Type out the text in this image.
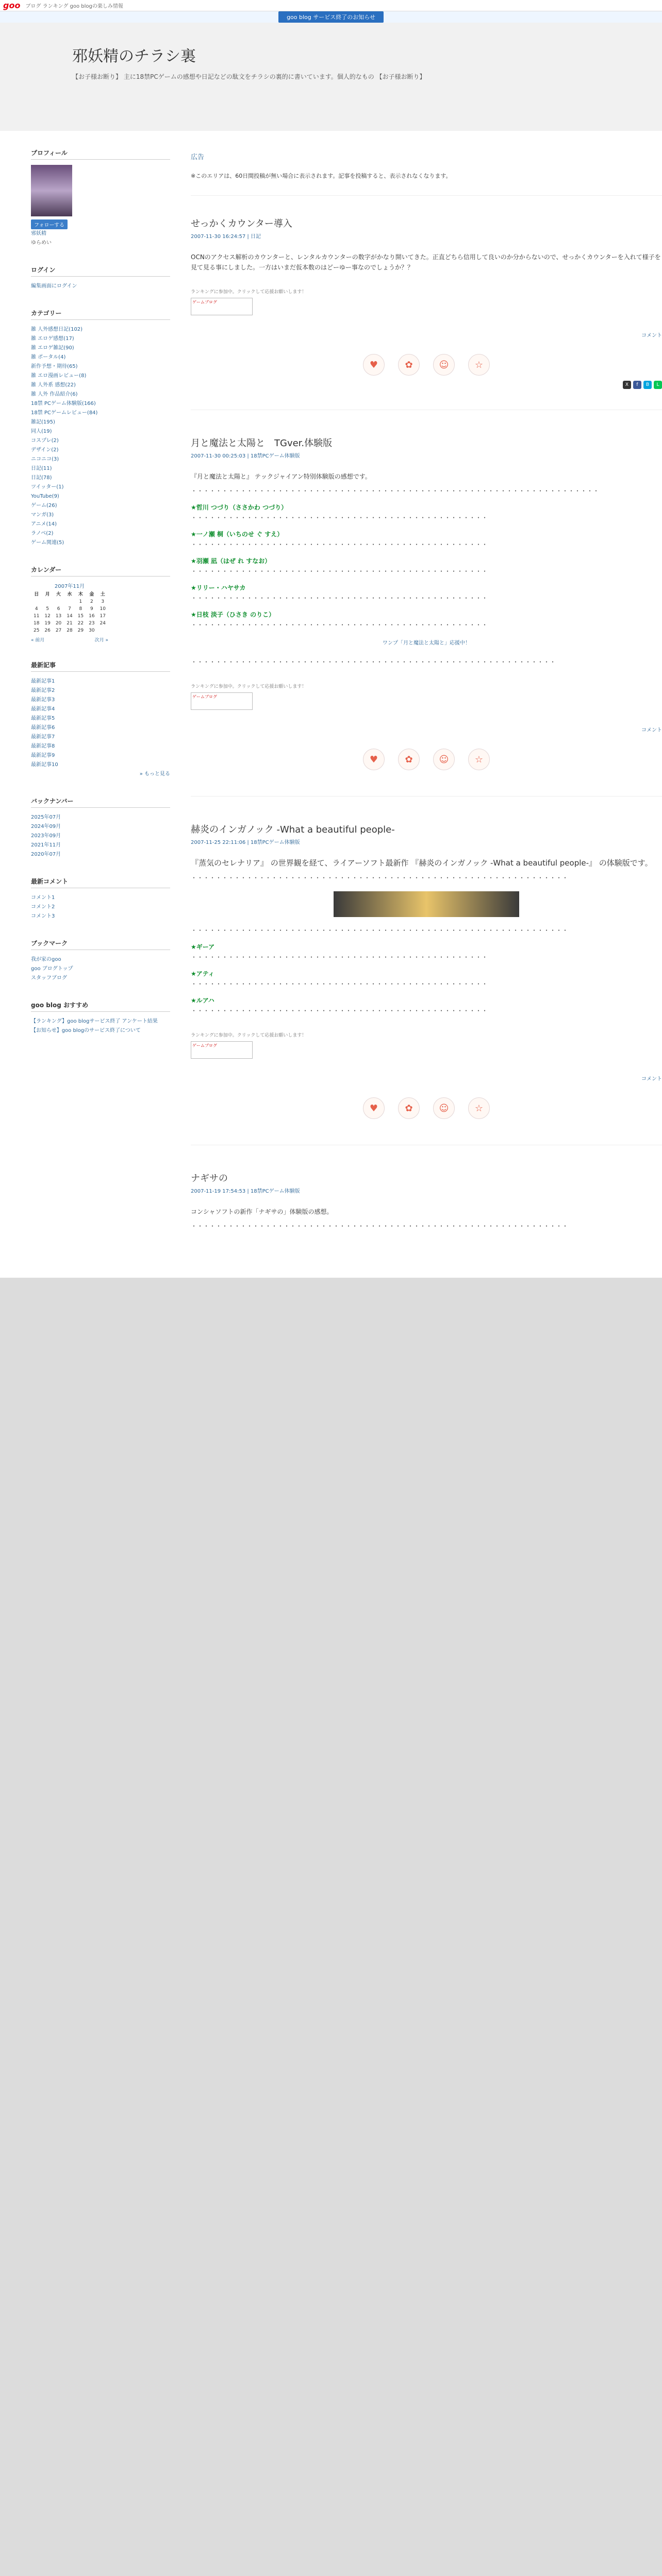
goo ブログ ランキング goo blogの楽しみ情報
goo blog サービス終了のお知らせ
邪妖精のチラシ裏

【お子様お断り】 主に18禁PCゲームの感想や日記などの駄文をチラシの裏的に書いています。個人的なもの 【お子様お断り】

プロフィール
フォローする
邪妖精
ゆらめい
ログイン
編集画面にログイン
カテゴリー
雑 人外感想日記(102)
雑 エロゲ感想(17)
雑 エロゲ雑記(90)
雑 ポータル(4)
新作予想・期待(65)
雑 エロ漫画レビュー(8)
雑 人外系 感想(22)
雑 人外 作品紹介(6)
18禁 PCゲーム体験版(166)
18禁 PCゲームレビュー(84)
雑記(195)
同人(19)
コスプレ(2)
デザイン(2)
ニコニコ(3)
日記(11)
日記(78)
ツイッター(1)
YouTube(9)
ゲーム(26)
マンガ(3)
アニメ(14)
ラノベ(2)
ゲーム関連(5)
カレンダー
2007年11月
日	月	火	水	木	金	土
				1	2	3
4	5	6	7	8	9	10
11	12	13	14	15	16	17
18	19	20	21	22	23	24
25	26	27	28	29	30	
« 前月	次月 »
最新記事
最新記事1
最新記事2
最新記事3
最新記事4
最新記事5
最新記事6
最新記事7
最新記事8
最新記事9
最新記事10
» もっと見る
バックナンバー
2025年07月
2024年09月
2023年09月
2021年11月
2020年07月
最新コメント
コメント1
コメント2
コメント3
ブックマーク
我が家のgoo
goo ブログトップ
スタッフブログ
goo blog おすすめ
【ランキング】goo blogサービス終了 アンケート結果
【お知らせ】goo blogのサービス終了について
広告
※このエリアは、60日間投稿が無い場合に表示されます。記事を投稿すると、表示されなくなります。
せっかくカウンター導入
2007-11-30 16:24:57 | 日記
OCNのアクセス解析のカウンターと、レンタルカウンターの数字がかなり開いてきた。正直どちら信用して良いのか分からないので、せっかくカウンターを入れて様子を見て見る事にしました。一方はいまだ仮本数のはどーゆー事なのでしょうか？？
ランキングに参加中。クリックして応援お願いします！
ゲームブログ
コメント
♥	✿	☺	☆
X	f	B	L
月と魔法と太陽と　TGver.体験版
2007-11-30 00:25:03 | 18禁PCゲーム体験版
『月と魔法と太陽と』 テックジャイアン特別体験版の感想です。

・・・・・・・・・・・・・・・・・・・・・・・・・・・・・・・・・・・・・・・・・・・・・・・・・・・・・・・・・・・・・・・・・・

★哲川 つづり（ささかわ つづり）

・・・・・・・・・・・・・・・・・・・・・・・・・・・・・・・・・・・・・・・・・・・・・・・・

★一ノ瀬 桐（いちのせ ぐ すえ）

・・・・・・・・・・・・・・・・・・・・・・・・・・・・・・・・・・・・・・・・・・・・・・・・

★羽瀬 凪（はぜ れ すなお）

・・・・・・・・・・・・・・・・・・・・・・・・・・・・・・・・・・・・・・・・・・・・・・・・

★リリー・ハヤサカ

・・・・・・・・・・・・・・・・・・・・・・・・・・・・・・・・・・・・・・・・・・・・・・・・

★日枝 淡子（ひさき のりこ）

・・・・・・・・・・・・・・・・・・・・・・・・・・・・・・・・・・・・・・・・・・・・・・・・

ワンプ「月と魔法と太陽と」応援中！

・・・・・・・・・・・・・・・・・・・・・・・・・・・・・・・・・・・・・・・・・・・・・・・・・・・・・・・・・・・

ランキングに参加中。クリックして応援お願いします！
ゲームブログ
コメント
♥	✿	☺	☆
赫炎のインガノック -What a beautiful people-
2007-11-25 22:11:06 | 18禁PCゲーム体験版
『蒸気のセレナリア』 の世界観を経て、ライアーソフト最新作 『赫炎のインガノック -What a beautiful people-』 の体験版です。

・・・・・・・・・・・・・・・・・・・・・・・・・・・・・・・・・・・・・・・・・・・・・・・・・・・・・・・・・・・・・

・・・・・・・・・・・・・・・・・・・・・・・・・・・・・・・・・・・・・・・・・・・・・・・・・・・・・・・・・・・・・

★ギーア

・・・・・・・・・・・・・・・・・・・・・・・・・・・・・・・・・・・・・・・・・・・・・・・・

★アティ

・・・・・・・・・・・・・・・・・・・・・・・・・・・・・・・・・・・・・・・・・・・・・・・・

★ルアハ

・・・・・・・・・・・・・・・・・・・・・・・・・・・・・・・・・・・・・・・・・・・・・・・・

ランキングに参加中。クリックして応援お願いします！
ゲームブログ
コメント
♥	✿	☺	☆
ナギサの
2007-11-19 17:54:53 | 18禁PCゲーム体験版
コンシャソフトの新作「ナギサの」体験版の感想。

・・・・・・・・・・・・・・・・・・・・・・・・・・・・・・・・・・・・・・・・・・・・・・・・・・・・・・・・・・・・・
